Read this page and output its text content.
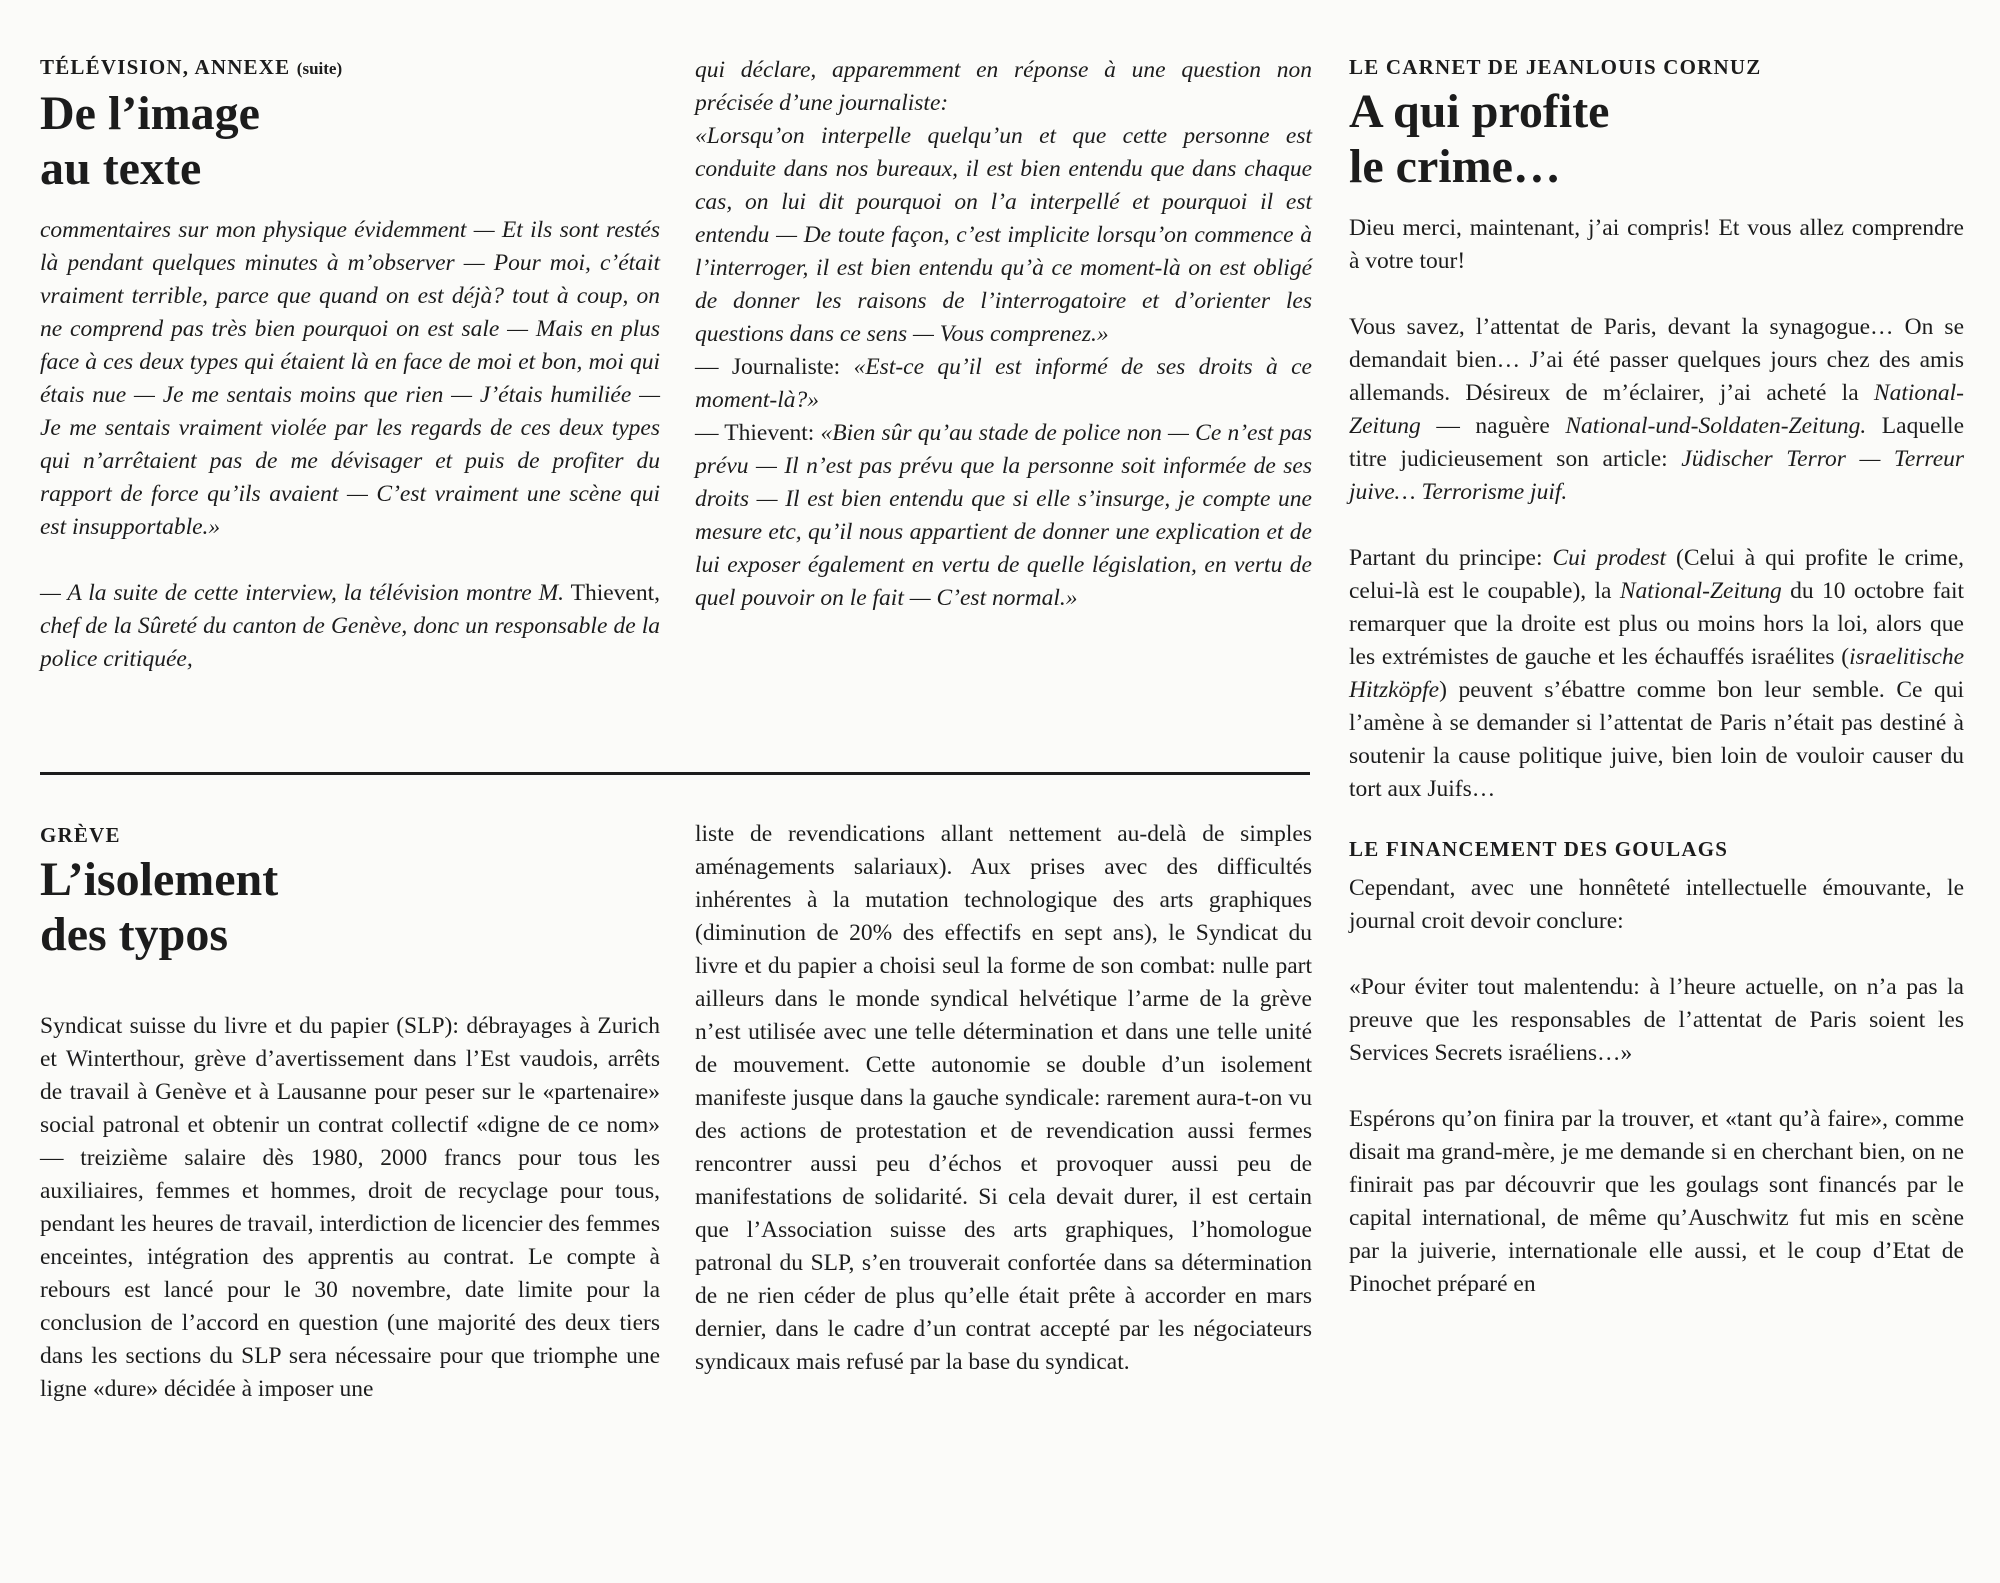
TÉLÉVISION, ANNEXE (suite)
De l’image
au texte

commentaires sur mon physique évidemment — Et ils sont restés là pendant quelques minutes à m’observer — Pour moi, c’était vraiment terrible, parce que quand on est déjà? tout à coup, on ne comprend pas très bien pourquoi on est sale — Mais en plus face à ces deux types qui étaient là en face de moi et bon, moi qui étais nue — Je me sentais moins que rien — J’étais humiliée — Je me sentais vraiment violée par les regards de ces deux types qui n’arrêtaient pas de me dévisager et puis de profiter du rapport de force qu’ils avaient — C’est vraiment une scène qui est insupportable.»

— A la suite de cette interview, la télévision montre M. Thievent, chef de la Sûreté du canton de Genève, donc un responsable de la police critiquée,

qui déclare, apparemment en réponse à une question non précisée d’une journaliste:

«Lorsqu’on interpelle quelqu’un et que cette personne est conduite dans nos bureaux, il est bien entendu que dans chaque cas, on lui dit pourquoi on l’a interpellé et pourquoi il est entendu — De toute façon, c’est implicite lorsqu’on commence à l’interroger, il est bien entendu qu’à ce moment-là on est obligé de donner les raisons de l’interrogatoire et d’orienter les questions dans ce sens — Vous comprenez.»

— Journaliste: «Est-ce qu’il est informé de ses droits à ce moment-là?»

— Thievent: «Bien sûr qu’au stade de police non — Ce n’est pas prévu — Il n’est pas prévu que la personne soit informée de ses droits — Il est bien entendu que si elle s’insurge, je compte une mesure etc, qu’il nous appartient de donner une explication et de lui exposer également en vertu de quelle législation, en vertu de quel pouvoir on le fait — C’est normal.»

GRÈVE
L’isolement
des typos

Syndicat suisse du livre et du papier (SLP): débrayages à Zurich et Winterthour, grève d’avertissement dans l’Est vaudois, arrêts de travail à Genève et à Lausanne pour peser sur le «partenaire» social patronal et obtenir un contrat collectif «digne de ce nom» — treizième salaire dès 1980, 2000 francs pour tous les auxiliaires, femmes et hommes, droit de recyclage pour tous, pendant les heures de travail, interdiction de licencier des femmes enceintes, intégration des apprentis au contrat. Le compte à rebours est lancé pour le 30 novembre, date limite pour la conclusion de l’accord en question (une majorité des deux tiers dans les sections du SLP sera nécessaire pour que triomphe une ligne «dure» décidée à imposer une

liste de revendications allant nettement au-delà de simples aménagements salariaux). Aux prises avec des difficultés inhérentes à la mutation technologique des arts graphiques (diminution de 20% des effectifs en sept ans), le Syndicat du livre et du papier a choisi seul la forme de son combat: nulle part ailleurs dans le monde syndical helvétique l’arme de la grève n’est utilisée avec une telle détermination et dans une telle unité de mouvement. Cette autonomie se double d’un isolement manifeste jusque dans la gauche syndicale: rarement aura-t-on vu des actions de protestation et de revendication aussi fermes rencontrer aussi peu d’échos et provoquer aussi peu de manifestations de solidarité. Si cela devait durer, il est certain que l’Association suisse des arts graphiques, l’homologue patronal du SLP, s’en trouverait confortée dans sa détermination de ne rien céder de plus qu’elle était prête à accorder en mars dernier, dans le cadre d’un contrat accepté par les négociateurs syndicaux mais refusé par la base du syndicat.

LE CARNET DE JEANLOUIS CORNUZ
A qui profite
le crime…

Dieu merci, maintenant, j’ai compris! Et vous allez comprendre à votre tour!

Vous savez, l’attentat de Paris, devant la synagogue… On se demandait bien… J’ai été passer quelques jours chez des amis allemands. Désireux de m’éclairer, j’ai acheté la National-Zeitung — naguère National-und-Soldaten-Zeitung. Laquelle titre judicieusement son article: Jüdischer Terror — Terreur juive… Terrorisme juif.

Partant du principe: Cui prodest (Celui à qui profite le crime, celui-là est le coupable), la National-Zeitung du 10 octobre fait remarquer que la droite est plus ou moins hors la loi, alors que les extrémistes de gauche et les échauffés israélites (israelitische Hitzköpfe) peuvent s’ébattre comme bon leur semble. Ce qui l’amène à se demander si l’attentat de Paris n’était pas destiné à soutenir la cause politique juive, bien loin de vouloir causer du tort aux Juifs…

LE FINANCEMENT DES GOULAGS

Cependant, avec une honnêteté intellectuelle émouvante, le journal croit devoir conclure:

«Pour éviter tout malentendu: à l’heure actuelle, on n’a pas la preuve que les responsables de l’attentat de Paris soient les Services Secrets israéliens…»

Espérons qu’on finira par la trouver, et «tant qu’à faire», comme disait ma grand-mère, je me demande si en cherchant bien, on ne finirait pas par découvrir que les goulags sont financés par le capital international, de même qu’Auschwitz fut mis en scène par la juiverie, internationale elle aussi, et le coup d’Etat de Pinochet préparé en
